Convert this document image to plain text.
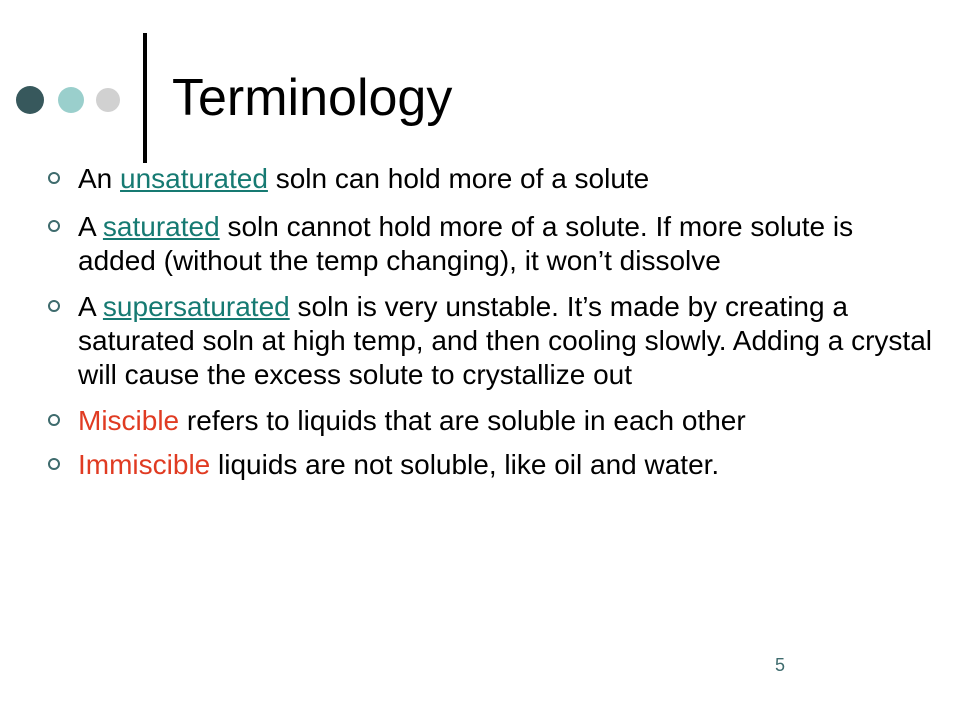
Terminology
An unsaturated soln can hold more of a solute
A saturated soln cannot hold more of a solute. If more solute is added (without the temp changing), it won’t dissolve
A supersaturated soln is very unstable. It’s made by creating a saturated soln at high temp, and then cooling slowly. Adding a crystal will cause the excess solute to crystallize out
Miscible refers to liquids that are soluble in each other
Immiscible liquids are not soluble, like oil and water.
5
